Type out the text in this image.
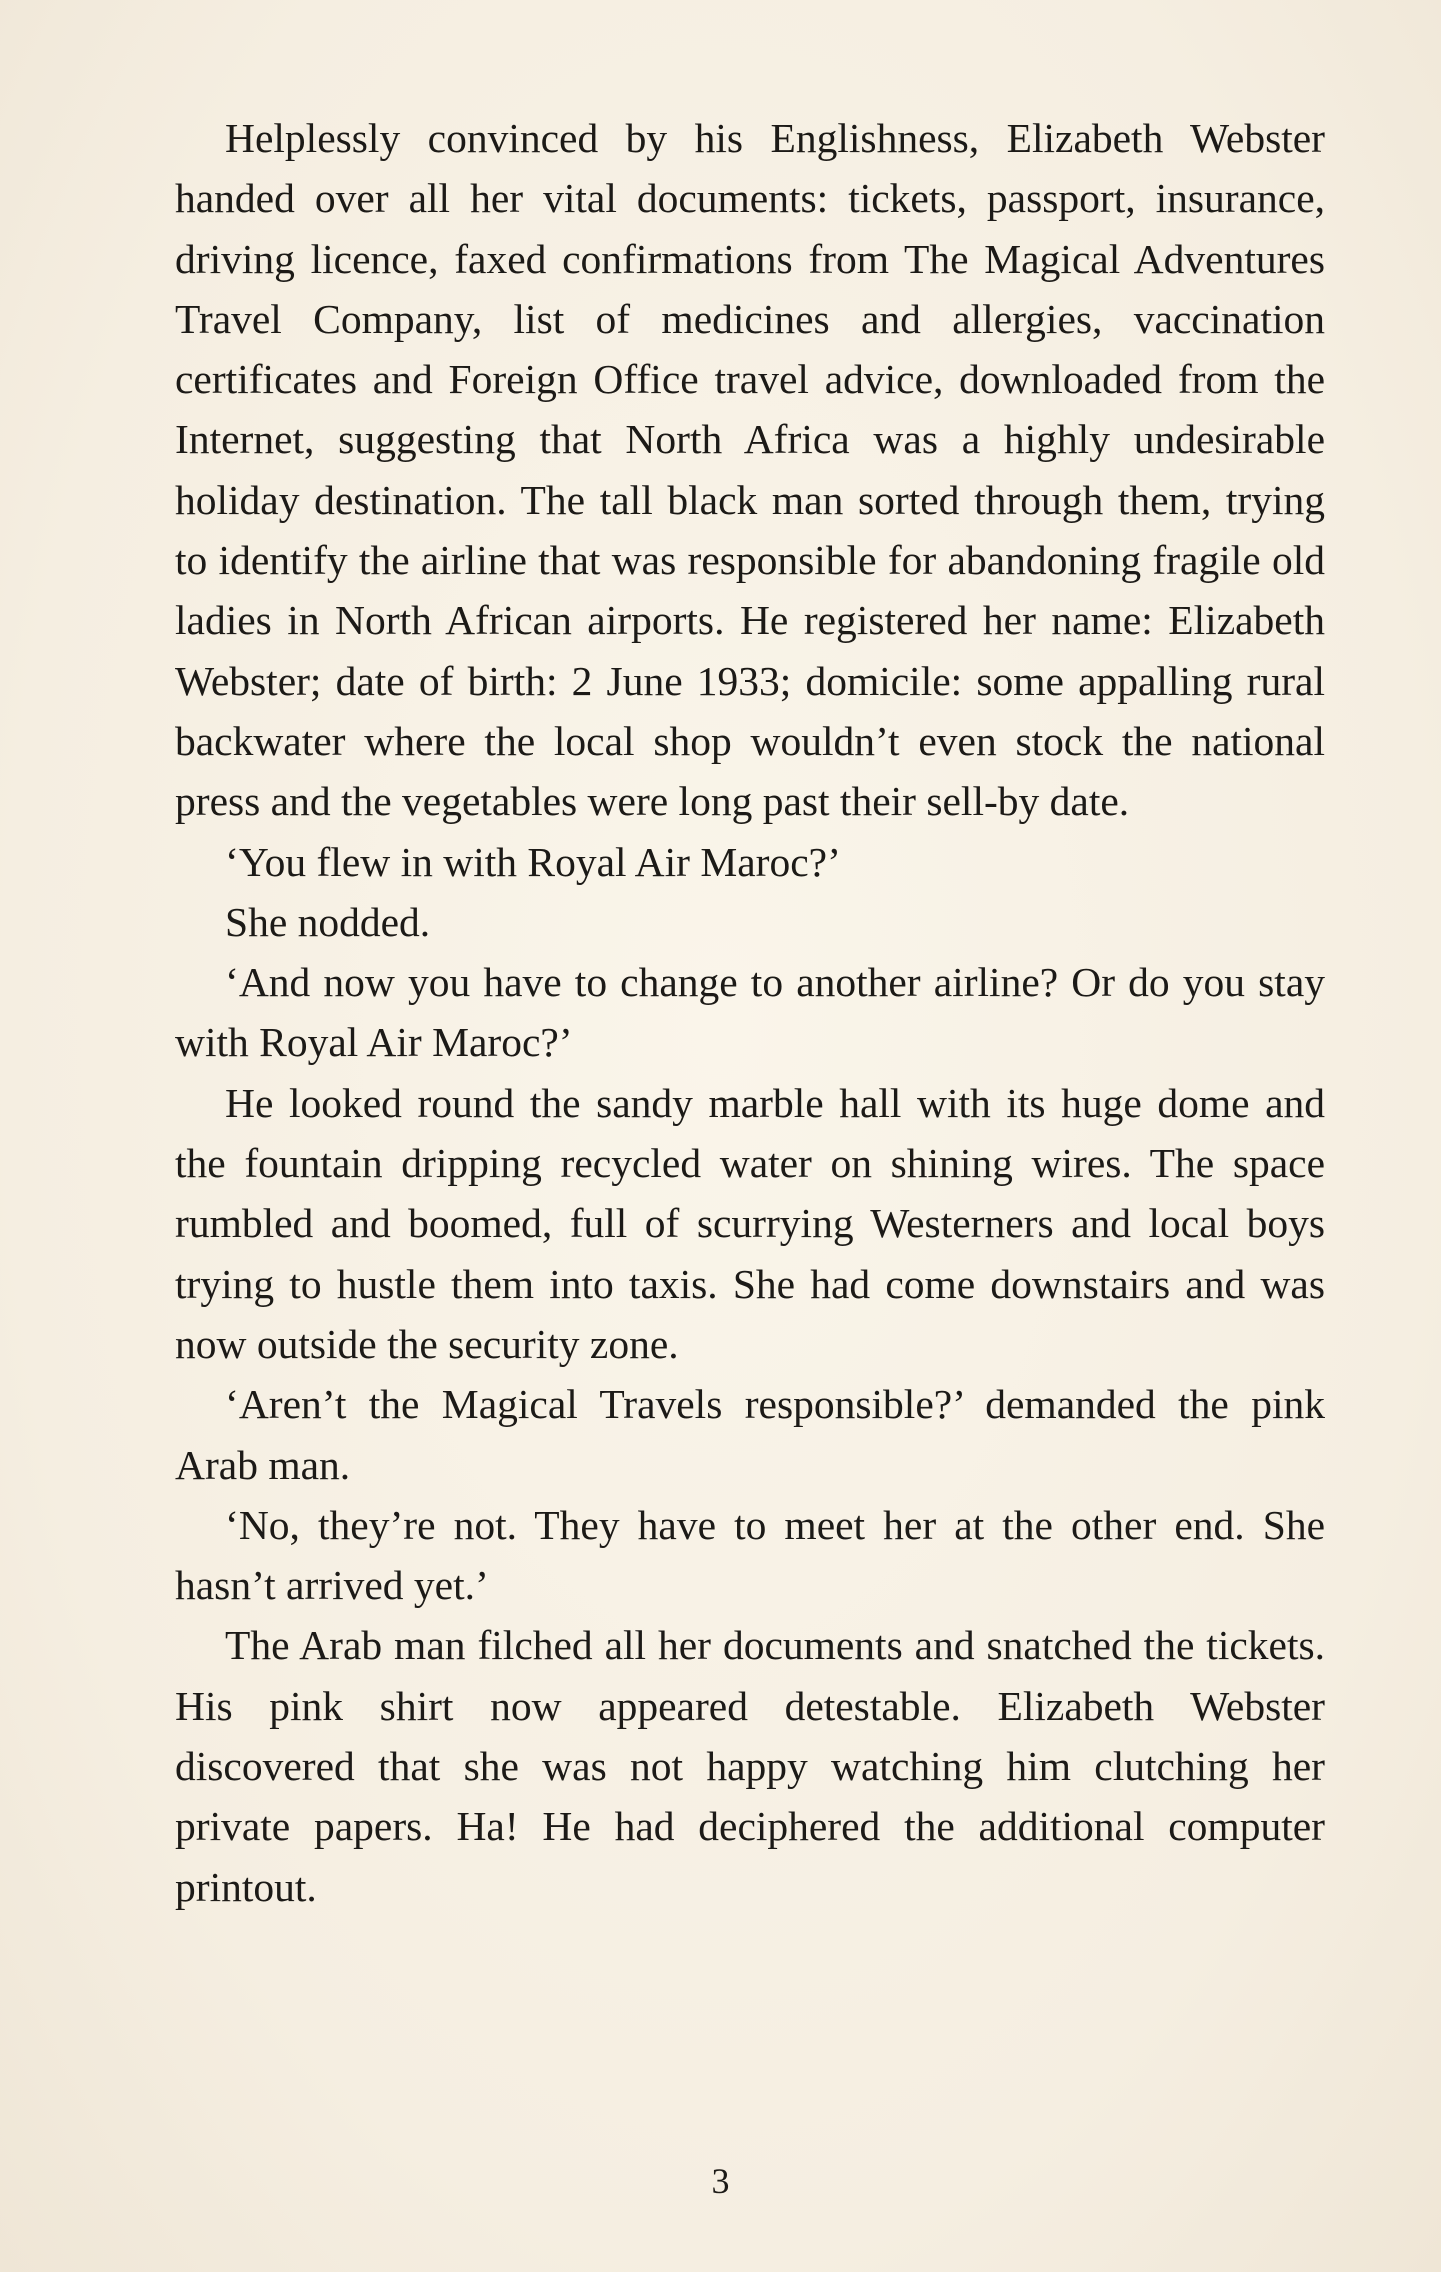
Helplessly convinced by his Englishness, Elizabeth Webster handed over all her vital documents: tickets, passport, insurance, driving licence, faxed confirmations from The Magical Adventures Travel Company, list of medicines and allergies, vaccination certificates and Foreign Office travel advice, downloaded from the Internet, suggesting that North Africa was a highly undesirable holiday destination. The tall black man sorted through them, trying to identify the airline that was responsible for abandoning fragile old ladies in North African airports. He registered her name: Elizabeth Webster; date of birth: 2 June 1933; domicile: some appalling rural backwater where the local shop wouldn’t even stock the national press and the vegetables were long past their sell-by date.

‘You flew in with Royal Air Maroc?’

She nodded.

‘And now you have to change to another airline? Or do you stay with Royal Air Maroc?’

He looked round the sandy marble hall with its huge dome and the fountain dripping recycled water on shining wires. The space rumbled and boomed, full of scurrying Westerners and local boys trying to hustle them into taxis. She had come downstairs and was now outside the security zone.

‘Aren’t the Magical Travels responsible?’ demanded the pink Arab man.

‘No, they’re not. They have to meet her at the other end. She hasn’t arrived yet.’

The Arab man filched all her documents and snatched the tickets. His pink shirt now appeared detestable. Elizabeth Webster discovered that she was not happy watching him clutching her private papers. Ha! He had deciphered the additional computer printout.

3
